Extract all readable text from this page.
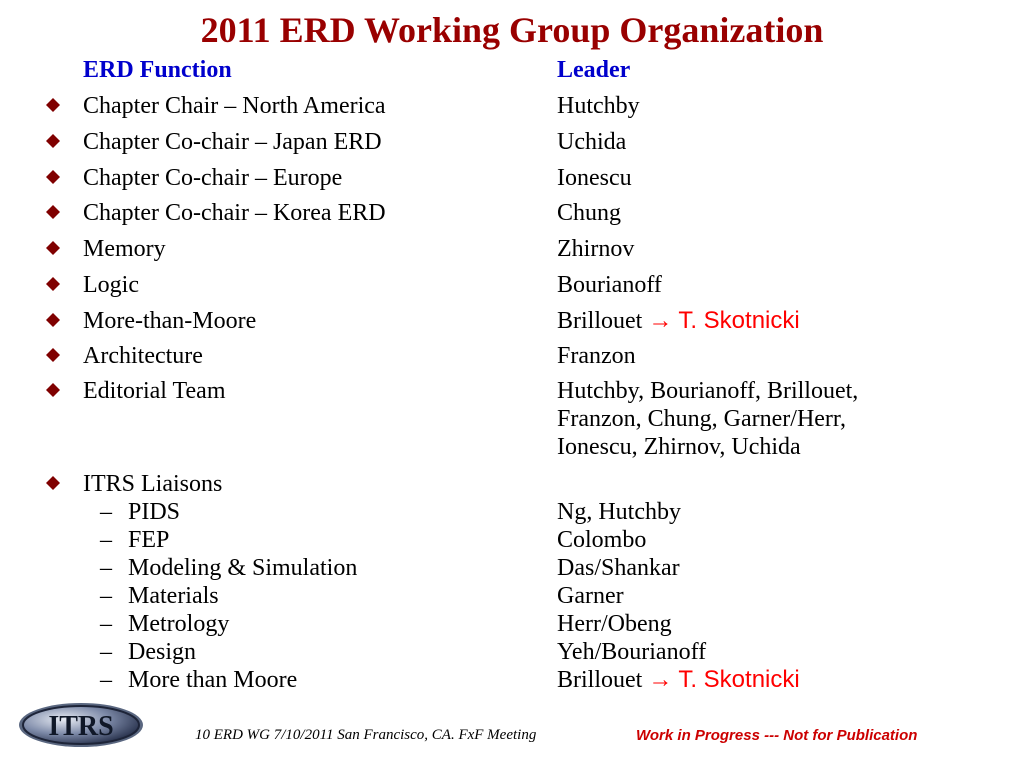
2011 ERD Working Group Organization
ERD Function	Leader
Chapter Chair – North America	Hutchby
Chapter Co-chair – Japan ERD	Uchida
Chapter Co-chair – Europe	Ionescu
Chapter Co-chair – Korea ERD	Chung
Memory	Zhirnov
Logic	Bourianoff
More-than-Moore	Brillouet → T. Skotnicki
Architecture	Franzon
Editorial Team	Hutchby, Bourianoff, Brillouet,
Franzon, Chung, Garner/Herr,
Ionescu, Zhirnov, Uchida
ITRS Liaisons
– PIDS	Ng, Hutchby
– FEP	Colombo
– Modeling & Simulation	Das/Shankar
– Materials	Garner
– Metrology	Herr/Obeng
– Design	Yeh/Bourianoff
– More than Moore	Brillouet → T. Skotnicki
ITRS	10 ERD WG 7/10/2011 San Francisco, CA. FxF Meeting	Work in Progress --- Not for Publication
